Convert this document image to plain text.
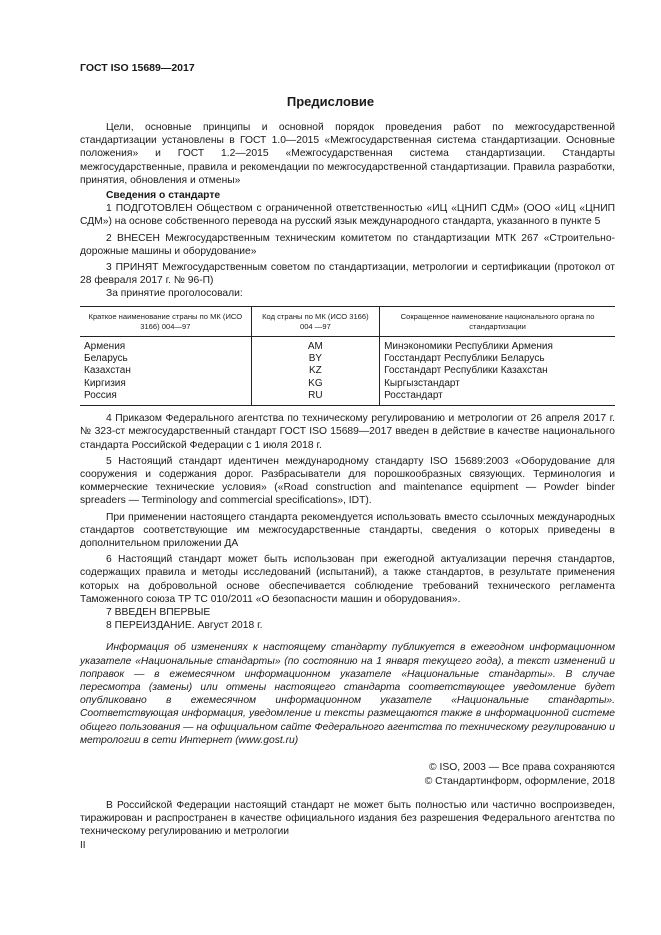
ГОСТ ISO 15689—2017
Предисловие

Цели, основные принципы и основной порядок проведения работ по межгосударственной стандартизации установлены в ГОСТ 1.0—2015 «Межгосударственная система стандартизации. Основные положения» и ГОСТ 1.2—2015 «Межгосударственная система стандартизации. Стандарты межгосударственные, правила и рекомендации по межгосударственной стандартизации. Правила разработки, принятия, обновления и отмены»

Сведения о стандарте

1 ПОДГОТОВЛЕН Обществом с ограниченной ответственностью «ИЦ «ЦНИП СДМ» (ООО «ИЦ «ЦНИП СДМ») на основе собственного перевода на русский язык международного стандарта, указанного в пункте 5

2 ВНЕСЕН Межгосударственным техническим комитетом по стандартизации МТК 267 «Строительно-дорожные машины и оборудование»

3 ПРИНЯТ Межгосударственным советом по стандартизации, метрологии и сертификации (протокол от 28 февраля 2017 г. № 96-П)

За принятие проголосовали:

Краткое наименование страны по МК (ИСО 3166) 004—97	Код страны по МК (ИСО 3166) 004 —97	Сокращенное наименование национального органа по стандартизации
Армения	AM	Минэкономики Республики Армения
Беларусь	BY	Госстандарт Республики Беларусь
Казахстан	KZ	Госстандарт Республики Казахстан
Киргизия	KG	Кыргызстандарт
Россия	RU	Росстандарт

4 Приказом Федерального агентства по техническому регулированию и метрологии от 26 апреля 2017 г. № 323-ст межгосударственный стандарт ГОСТ ISO 15689—2017 введен в действие в качестве национального стандарта Российской Федерации с 1 июля 2018 г.

5 Настоящий стандарт идентичен международному стандарту ISO 15689:2003 «Оборудование для сооружения и содержания дорог. Разбрасыватели для порошкообразных связующих. Терминология и коммерческие технические условия» («Road construction and maintenance equipment — Powder binder spreaders — Terminology and commercial specifications», IDT).

При применении настоящего стандарта рекомендуется использовать вместо ссылочных международных стандартов соответствующие им межгосударственные стандарты, сведения о которых приведены в дополнительном приложении ДА

6 Настоящий стандарт может быть использован при ежегодной актуализации перечня стандартов, содержащих правила и методы исследований (испытаний), а также стандартов, в результате применения которых на добровольной основе обеспечивается соблюдение требований технического регламента Таможенного союза ТР ТС 010/2011 «О безопасности машин и оборудования».

7 ВВЕДЕН ВПЕРВЫЕ

8 ПЕРЕИЗДАНИЕ. Август 2018 г.

Информация об изменениях к настоящему стандарту публикуется в ежегодном информационном указателе «Национальные стандарты» (по состоянию на 1 января текущего года), а текст изменений и поправок — в ежемесячном информационном указателе «Национальные стандарты». В случае пересмотра (замены) или отмены настоящего стандарта соответствующее уведомление будет опубликовано в ежемесячном информационном указателе «Национальные стандарты». Соответствующая информация, уведомление и тексты размещаются также в информационной системе общего пользования — на официальном сайте Федерального агентства по техническому регулированию и метрологии в сети Интернет (www.gost.ru)

© ISO, 2003 — Все права сохраняются
© Стандартинформ, оформление, 2018

В Российской Федерации настоящий стандарт не может быть полностью или частично воспроизведен, тиражирован и распространен в качестве официального издания без разрешения Федерального агентства по техническому регулированию и метрологии

II
